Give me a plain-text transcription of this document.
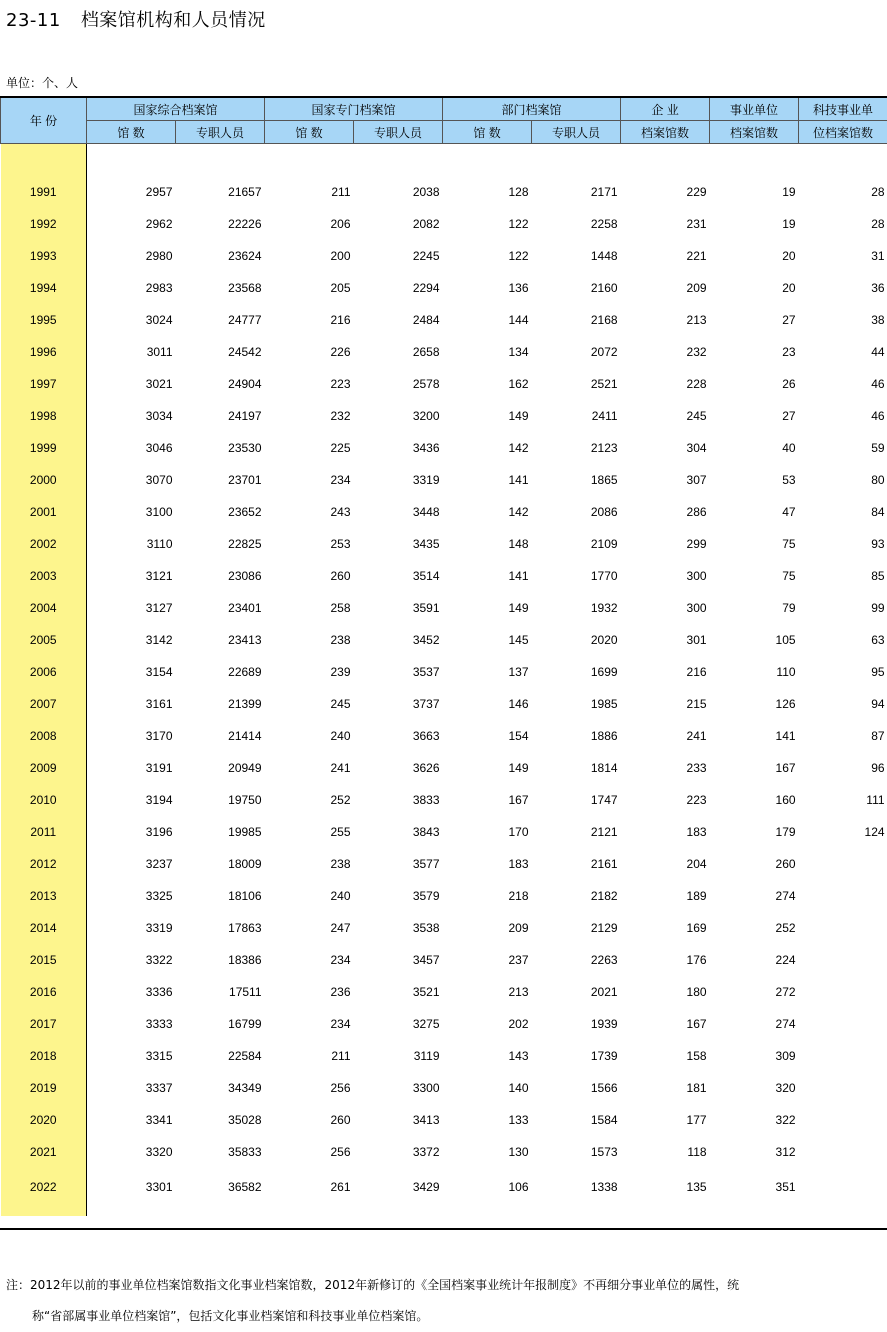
23-11 档案馆机构和人员情况
单位：个、人
年 份	国家综合档案馆		国家专门档案馆		部门档案馆		企 业	事业单位	科技事业单
	馆 数	专职人员	馆 数	专职人员	馆 数	专职人员	档案馆数	档案馆数	位档案馆数

1991	2957	21657	211	2038	128	2171	229	19	28
1992	2962	22226	206	2082	122	2258	231	19	28
1993	2980	23624	200	2245	122	1448	221	20	31
1994	2983	23568	205	2294	136	2160	209	20	36
1995	3024	24777	216	2484	144	2168	213	27	38
1996	3011	24542	226	2658	134	2072	232	23	44
1997	3021	24904	223	2578	162	2521	228	26	46
1998	3034	24197	232	3200	149	2411	245	27	46
1999	3046	23530	225	3436	142	2123	304	40	59
2000	3070	23701	234	3319	141	1865	307	53	80
2001	3100	23652	243	3448	142	2086	286	47	84
2002	3110	22825	253	3435	148	2109	299	75	93
2003	3121	23086	260	3514	141	1770	300	75	85
2004	3127	23401	258	3591	149	1932	300	79	99
2005	3142	23413	238	3452	145	2020	301	105	63
2006	3154	22689	239	3537	137	1699	216	110	95
2007	3161	21399	245	3737	146	1985	215	126	94
2008	3170	21414	240	3663	154	1886	241	141	87
2009	3191	20949	241	3626	149	1814	233	167	96
2010	3194	19750	252	3833	167	1747	223	160	111
2011	3196	19985	255	3843	170	2121	183	179	124
2012	3237	18009	238	3577	183	2161	204	260	
2013	3325	18106	240	3579	218	2182	189	274	
2014	3319	17863	247	3538	209	2129	169	252	
2015	3322	18386	234	3457	237	2263	176	224	
2016	3336	17511	236	3521	213	2021	180	272	
2017	3333	16799	234	3275	202	1939	167	274	
2018	3315	22584	211	3119	143	1739	158	309	
2019	3337	34349	256	3300	140	1566	181	320	
2020	3341	35028	260	3413	133	1584	177	322	
2021	3320	35833	256	3372	130	1573	118	312	
2022	3301	36582	261	3429	106	1338	135	351	

注：2012年以前的事业单位档案馆数指文化事业档案馆数，2012年新修订的《全国档案事业统计年报制度》不再细分事业单位的属性，统
称“省部属事业单位档案馆”，包括文化事业档案馆和科技事业单位档案馆。
